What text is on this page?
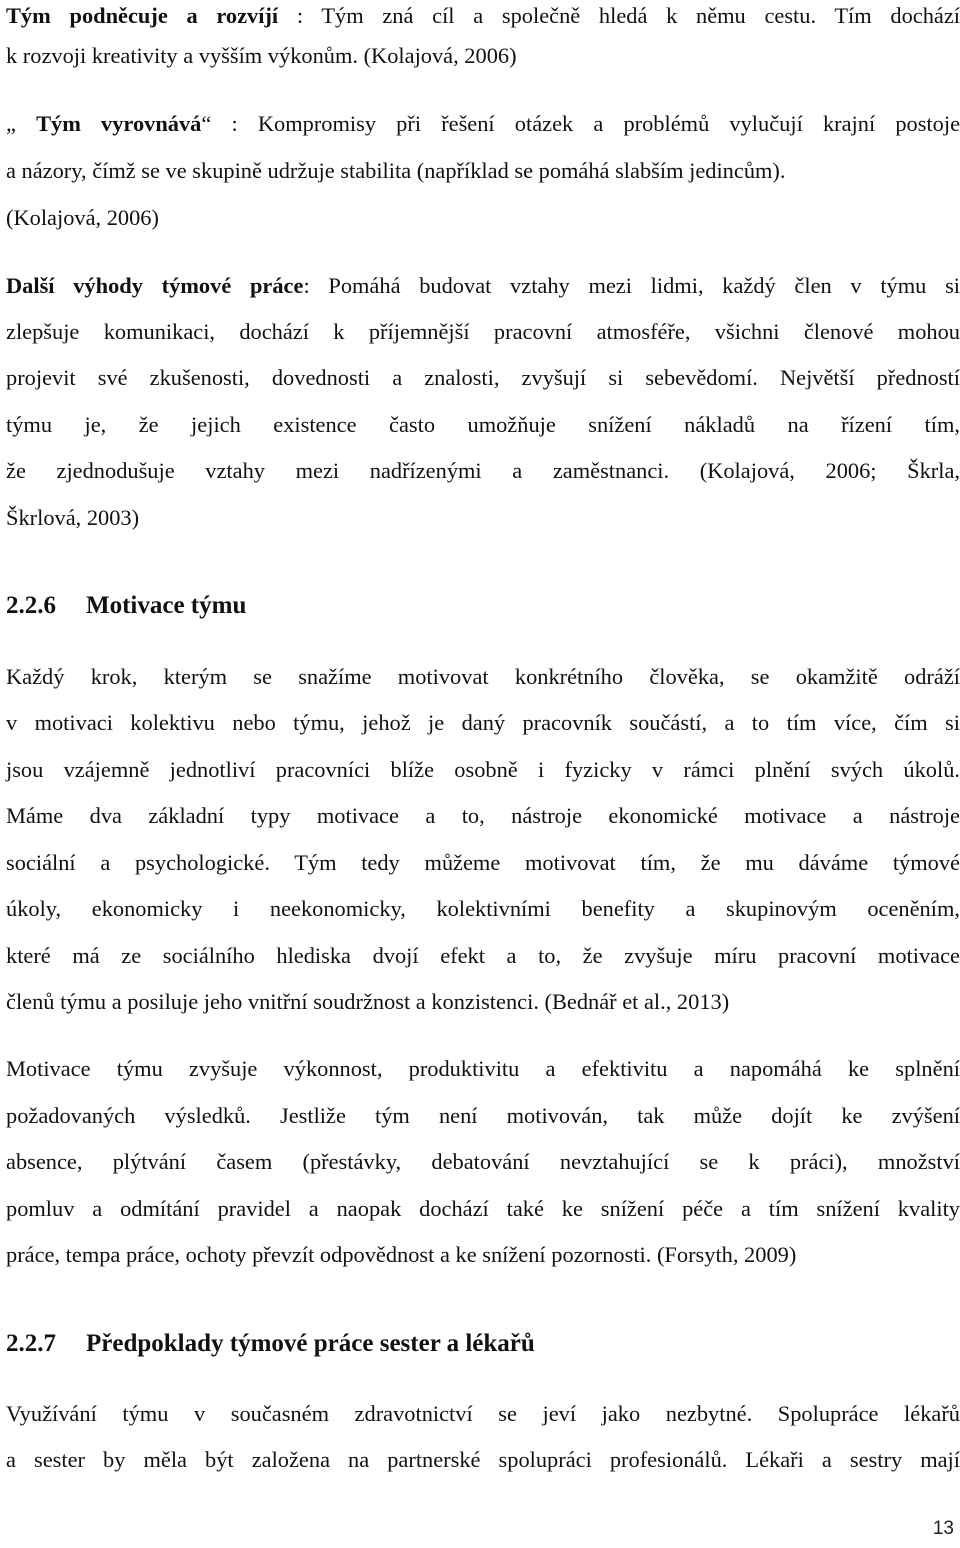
Tým podněcuje a rozvíjí : Tým zná cíl a společně hledá k němu cestu. Tím dochází
k rozvoji kreativity a vyšším výkonům. (Kolajová, 2006)
„ Tým vyrovnává“ : Kompromisy při řešení otázek a problémů vylučují krajní postoje
a názory, čímž se ve skupině udržuje stabilita (například se pomáhá slabším jedincům).
(Kolajová, 2006)
Další výhody týmové práce: Pomáhá budovat vztahy mezi lidmi, každý člen v týmu si
zlepšuje komunikaci, dochází k příjemnější pracovní atmosféře, všichni členové mohou
projevit své zkušenosti, dovednosti a znalosti, zvyšují si sebevědomí. Největší předností
týmu je, že jejich existence často umožňuje snížení nákladů na řízení tím,
že zjednodušuje vztahy mezi nadřízenými a zaměstnanci. (Kolajová, 2006; Škrla,
Škrlová, 2003)
2.2.6 Motivace týmu
Každý krok, kterým se snažíme motivovat konkrétního člověka, se okamžitě odráží
v motivaci kolektivu nebo týmu, jehož je daný pracovník součástí, a to tím více, čím si
jsou vzájemně jednotliví pracovníci blíže osobně i fyzicky v rámci plnění svých úkolů.
Máme dva základní typy motivace a to, nástroje ekonomické motivace a nástroje
sociální a psychologické. Tým tedy můžeme motivovat tím, že mu dáváme týmové
úkoly, ekonomicky i neekonomicky, kolektivními benefity a skupinovým oceněním,
které má ze sociálního hlediska dvojí efekt a to, že zvyšuje míru pracovní motivace
členů týmu a posiluje jeho vnitřní soudržnost a konzistenci. (Bednář et al., 2013)
Motivace týmu zvyšuje výkonnost, produktivitu a efektivitu a napomáhá ke splnění
požadovaných výsledků. Jestliže tým není motivován, tak může dojít ke zvýšení
absence, plýtvání časem (přestávky, debatování nevztahující se k práci), množství
pomluv a odmítání pravidel a naopak dochází také ke snížení péče a tím snížení kvality
práce, tempa práce, ochoty převzít odpovědnost a ke snížení pozornosti. (Forsyth, 2009)
2.2.7 Předpoklady týmové práce sester a lékařů
Využívání týmu v současném zdravotnictví se jeví jako nezbytné. Spolupráce lékařů
a sester by měla být založena na partnerské spolupráci profesionálů. Lékaři a sestry mají
13
